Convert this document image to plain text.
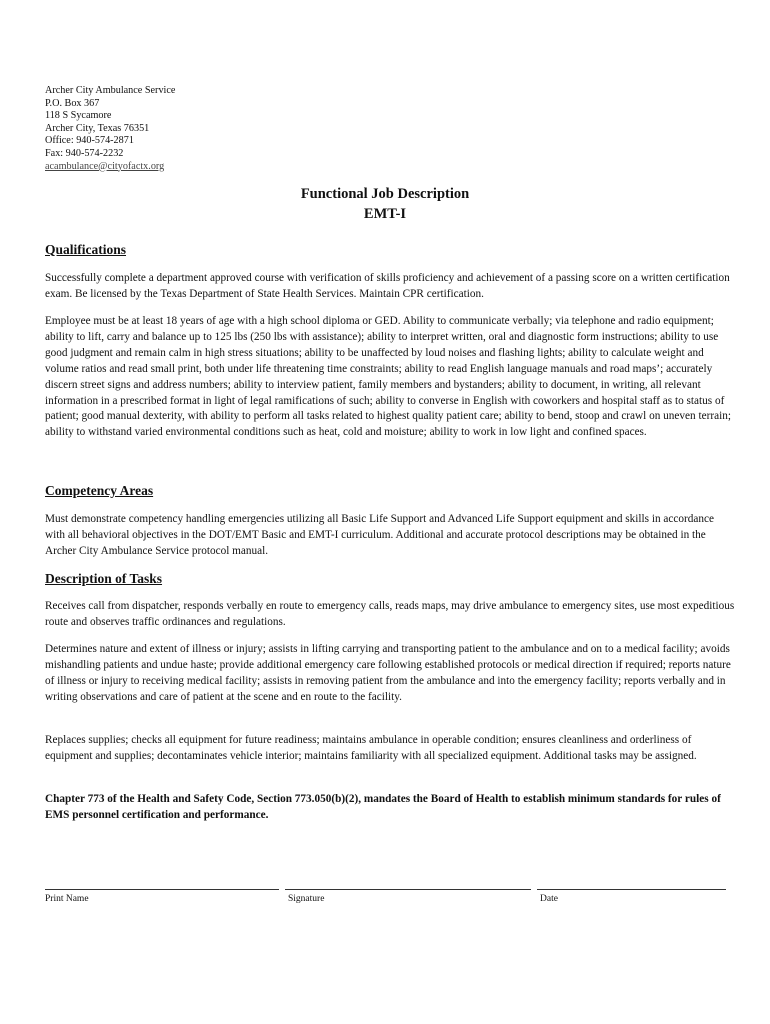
Archer City Ambulance Service
P.O. Box 367
118 S Sycamore
Archer City, Texas 76351
Office: 940-574-2871
Fax: 940-574-2232
acambulance@cityofactx.org
Functional Job Description
EMT-I

Qualifications

Successfully complete a department approved course with verification of skills proficiency and achievement of a passing score on a written certification exam. Be licensed by the Texas Department of State Health Services. Maintain CPR certification.

Employee must be at least 18 years of age with a high school diploma or GED. Ability to communicate verbally; via telephone and radio equipment; ability to lift, carry and balance up to 125 lbs (250 lbs with assistance); ability to interpret written, oral and diagnostic form instructions; ability to use good judgment and remain calm in high stress situations; ability to be unaffected by loud noises and flashing lights; ability to calculate weight and volume ratios and read small print, both under life threatening time constraints; ability to read English language manuals and road maps’; accurately discern street signs and address numbers; ability to interview patient, family members and bystanders; ability to document, in writing, all relevant information in a prescribed format in light of legal ramifications of such; ability to converse in English with coworkers and hospital staff as to status of patient; good manual dexterity, with ability to perform all tasks related to highest quality patient care; ability to bend, stoop and crawl on uneven terrain; ability to withstand varied environmental conditions such as heat, cold and moisture; ability to work in low light and confined spaces.

Competency Areas

Must demonstrate competency handling emergencies utilizing all Basic Life Support and Advanced Life Support equipment and skills in accordance with all behavioral objectives in the DOT/EMT Basic and EMT-I curriculum. Additional and accurate protocol descriptions may be obtained in the Archer City Ambulance Service protocol manual.

Description of Tasks

Receives call from dispatcher, responds verbally en route to emergency calls, reads maps, may drive ambulance to emergency sites, use most expeditious route and observes traffic ordinances and regulations.

Determines nature and extent of illness or injury; assists in lifting carrying and transporting patient to the ambulance and on to a medical facility; avoids mishandling patients and undue haste; provide additional emergency care following established protocols or medical direction if required; reports nature of illness or injury to receiving medical facility; assists in removing patient from the ambulance and into the emergency facility; reports verbally and in writing observations and care of patient at the scene and en route to the facility.

Replaces supplies; checks all equipment for future readiness; maintains ambulance in operable condition; ensures cleanliness and orderliness of equipment and supplies; decontaminates vehicle interior; maintains familiarity with all specialized equipment. Additional tasks may be assigned.

Chapter 773 of the Health and Safety Code, Section 773.050(b)(2), mandates the Board of Health to establish minimum standards for rules of EMS personnel certification and performance.

Print Name	Signature	Date
